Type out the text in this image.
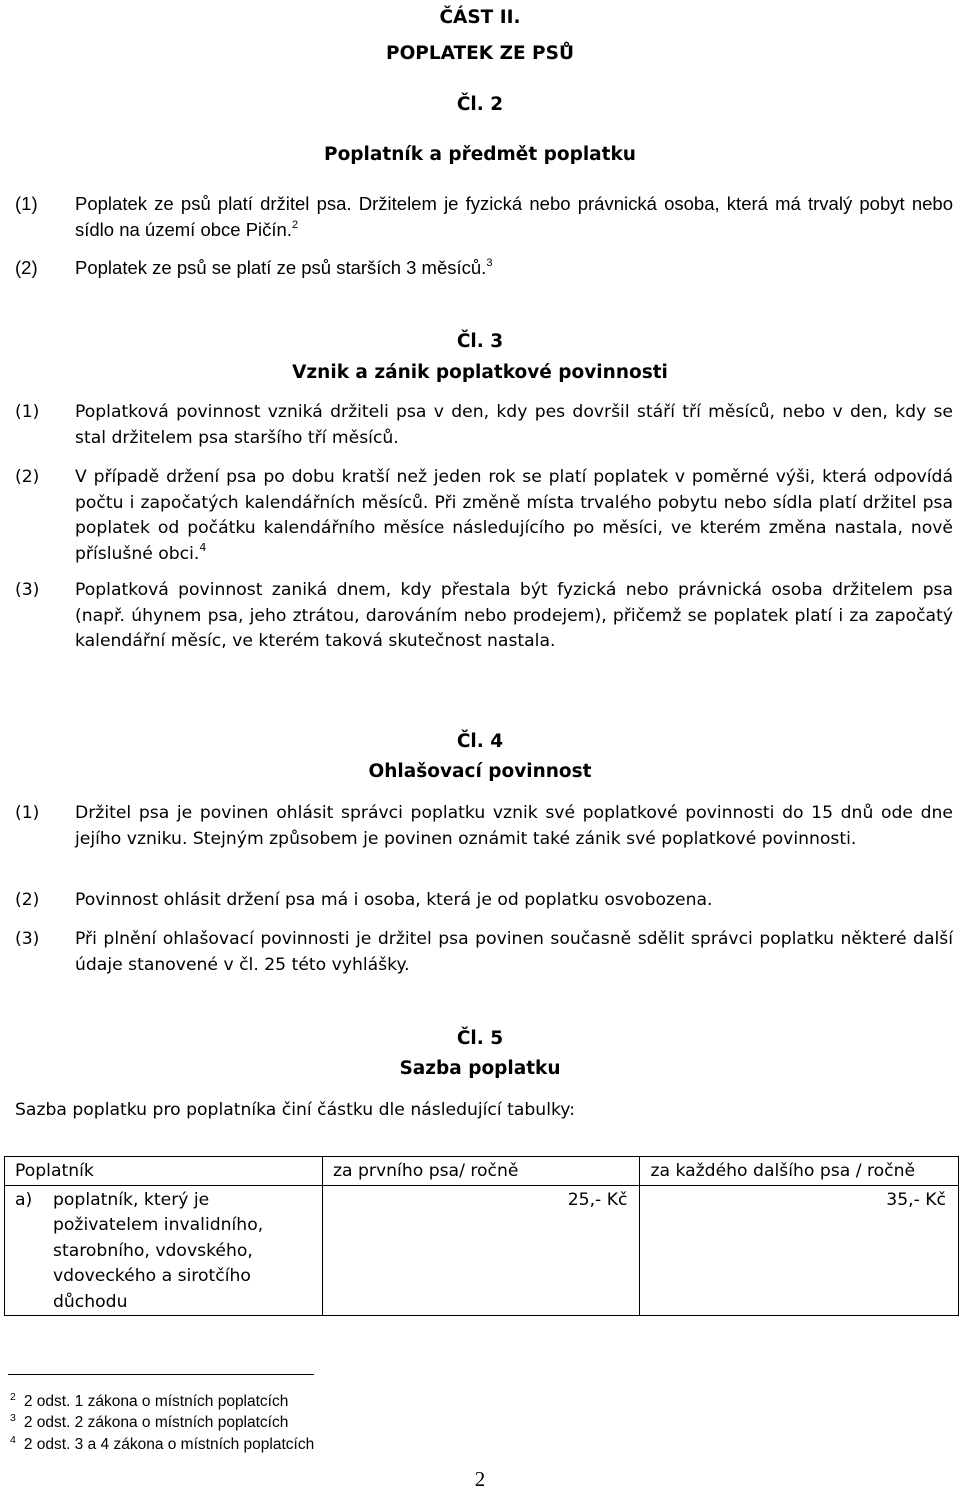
ČÁST II.
POPLATEK ZE PSŮ
Čl. 2
Poplatník a předmět poplatku
(1) Poplatek ze psů platí držitel psa. Držitelem je fyzická nebo právnická osoba, která má trvalý pobyt nebo sídlo na území obce Pičín.$^2$
(2) Poplatek ze psů se platí ze psů starších 3 měsíců.$^3$
Čl. 3
Vznik a zánik poplatkové povinnosti
(1) Poplatková povinnost vzniká držiteli psa v den, kdy pes dovršil stáří tří měsíců, nebo v den, kdy se stal držitelem psa staršího tří měsíců.
(2) V případě držení psa po dobu kratší než jeden rok se platí poplatek v poměrné výši, která odpovídá počtu i započatých kalendářních měsíců. Při změně místa trvalého pobytu nebo sídla platí držitel psa poplatek od počátku kalendářního měsíce následujícího po měsíci, ve kterém změna nastala, nově příslušné obci.$^4$
(3) Poplatková povinnost zaniká dnem, kdy přestala být fyzická nebo právnická osoba držitelem psa (např. úhynem psa, jeho ztrátou, darováním nebo prodejem), přičemž se poplatek platí i za započatý kalendářní měsíc, ve kterém taková skutečnost nastala.
Čl. 4
Ohlašovací povinnost
(1) Držitel psa je povinen ohlásit správci poplatku vznik své poplatkové povinnosti do 15 dnů ode dne jejího vzniku. Stejným způsobem je povinen oznámit také zánik své poplatkové povinnosti.
(2) Povinnost ohlásit držení psa má i osoba, která je od poplatku osvobozena.
(3) Při plnění ohlašovací povinnosti je držitel psa povinen současně sdělit správci poplatku některé další údaje stanovené v čl. 25 této vyhlášky.
Čl. 5
Sazba poplatku
Sazba poplatku pro poplatníka činí částku dle následující tabulky:
Poplatník	za prvního psa/ ročně	za každého dalšího psa / ročně

a) poplatník, který je poživatelem invalidního, starobního, vdovského, vdoveckého a sirotčího důchodu	25,- Kč	35,- Kč
$^2$ 2 odst. 1 zákona o místních poplatcích
$^3$ 2 odst. 2 zákona o místních poplatcích
$^4$ 2 odst. 3 a 4 zákona o místních poplatcích
2
